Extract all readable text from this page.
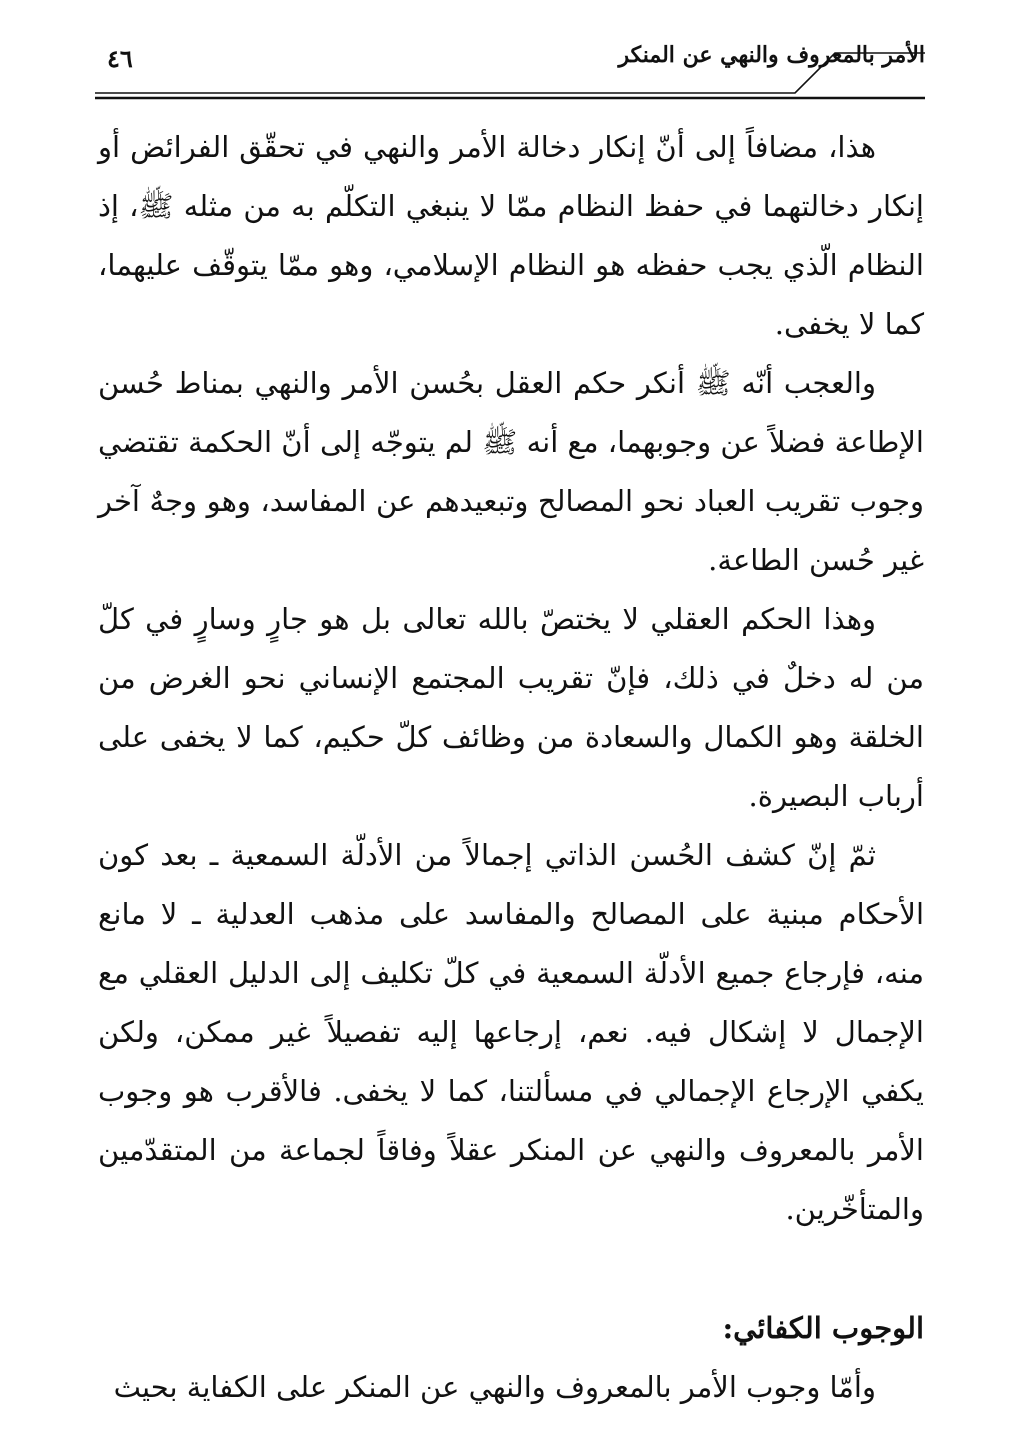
الأمر بالمعروف والنهي عن المنكر
٤٦

هذا، مضافاً إلى أنّ إنكار دخالة الأمر والنهي في تحقّق الفرائض أو إنكار دخالتهما في حفظ النظام ممّا لا ينبغي التكلّم به من مثله ﷺ، إذ النظام الّذي يجب حفظه هو النظام الإسلامي، وهو ممّا يتوقّف عليهما، كما لا يخفى.

والعجب أنّه ﷺ أنكر حكم العقل بحُسن الأمر والنهي بمناط حُسن الإطاعة فضلاً عن وجوبهما، مع أنه ﷺ لم يتوجّه إلى أنّ الحكمة تقتضي وجوب تقريب العباد نحو المصالح وتبعيدهم عن المفاسد، وهو وجهٌ آخر غير حُسن الطاعة.

وهذا الحكم العقلي لا يختصّ بالله تعالى بل هو جارٍ وسارٍ في كلّ من له دخلٌ في ذلك، فإنّ تقريب المجتمع الإنساني نحو الغرض من الخلقة وهو الكمال والسعادة من وظائف كلّ حكيم، كما لا يخفى على أرباب البصيرة.

ثمّ إنّ كشف الحُسن الذاتي إجمالاً من الأدلّة السمعية ـ بعد كون الأحكام مبنية على المصالح والمفاسد على مذهب العدلية ـ لا مانع منه، فإرجاع جميع الأدلّة السمعية في كلّ تكليف إلى الدليل العقلي مع الإجمال لا إشكال فيه. نعم، إرجاعها إليه تفصيلاً غير ممكن، ولكن يكفي الإرجاع الإجمالي في مسألتنا، كما لا يخفى. فالأقرب هو وجوب الأمر بالمعروف والنهي عن المنكر عقلاً وفاقاً لجماعة من المتقدّمين والمتأخّرين.

الوجوب الكفائي:

وأمّا وجوب الأمر بالمعروف والنهي عن المنكر على الكفاية بحيث
